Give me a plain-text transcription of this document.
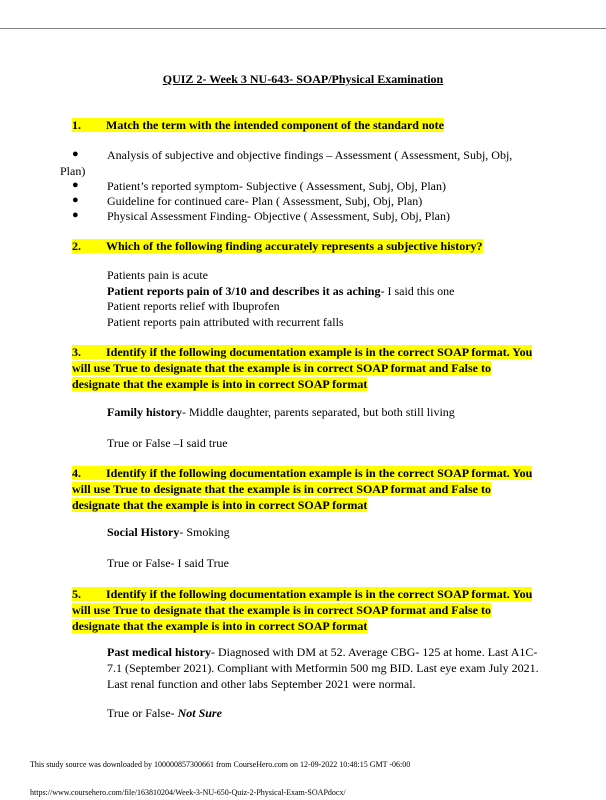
QUIZ 2- Week 3 NU-643- SOAP/Physical Examination
1. Match the term with the intended component of the standard note
● Analysis of subjective and objective findings – Assessment ( Assessment, Subj, Obj,
Plan)
● Patient’s reported symptom- Subjective ( Assessment, Subj, Obj, Plan)
● Guideline for continued care- Plan ( Assessment, Subj, Obj, Plan)
● Physical Assessment Finding- Objective ( Assessment, Subj, Obj, Plan)
2. Which of the following finding accurately represents a subjective history?
Patients pain is acute
Patient reports pain of 3/10 and describes it as aching- I said this one
Patient reports relief with Ibuprofen
Patient reports pain attributed with recurrent falls
3. Identify if the following documentation example is in the correct SOAP format. You
will use True to designate that the example is in correct SOAP format and False to
designate that the example is into in correct SOAP format
Family history- Middle daughter, parents separated, but both still living
True or False –I said true
4. Identify if the following documentation example is in the correct SOAP format. You
will use True to designate that the example is in correct SOAP format and False to
designate that the example is into in correct SOAP format
Social History- Smoking
True or False- I said True
5. Identify if the following documentation example is in the correct SOAP format. You
will use True to designate that the example is in correct SOAP format and False to
designate that the example is into in correct SOAP format
Past medical history- Diagnosed with DM at 52. Average CBG- 125 at home. Last A1C-
7.1 (September 2021). Compliant with Metformin 500 mg BID. Last eye exam July 2021.
Last renal function and other labs September 2021 were normal.
True or False- Not Sure
This study source was downloaded by 100000857300661 from CourseHero.com on 12-09-2022 10:48:15 GMT -06:00
https://www.coursehero.com/file/163810204/Week-3-NU-650-Quiz-2-Physical-Exam-SOAPdocx/
